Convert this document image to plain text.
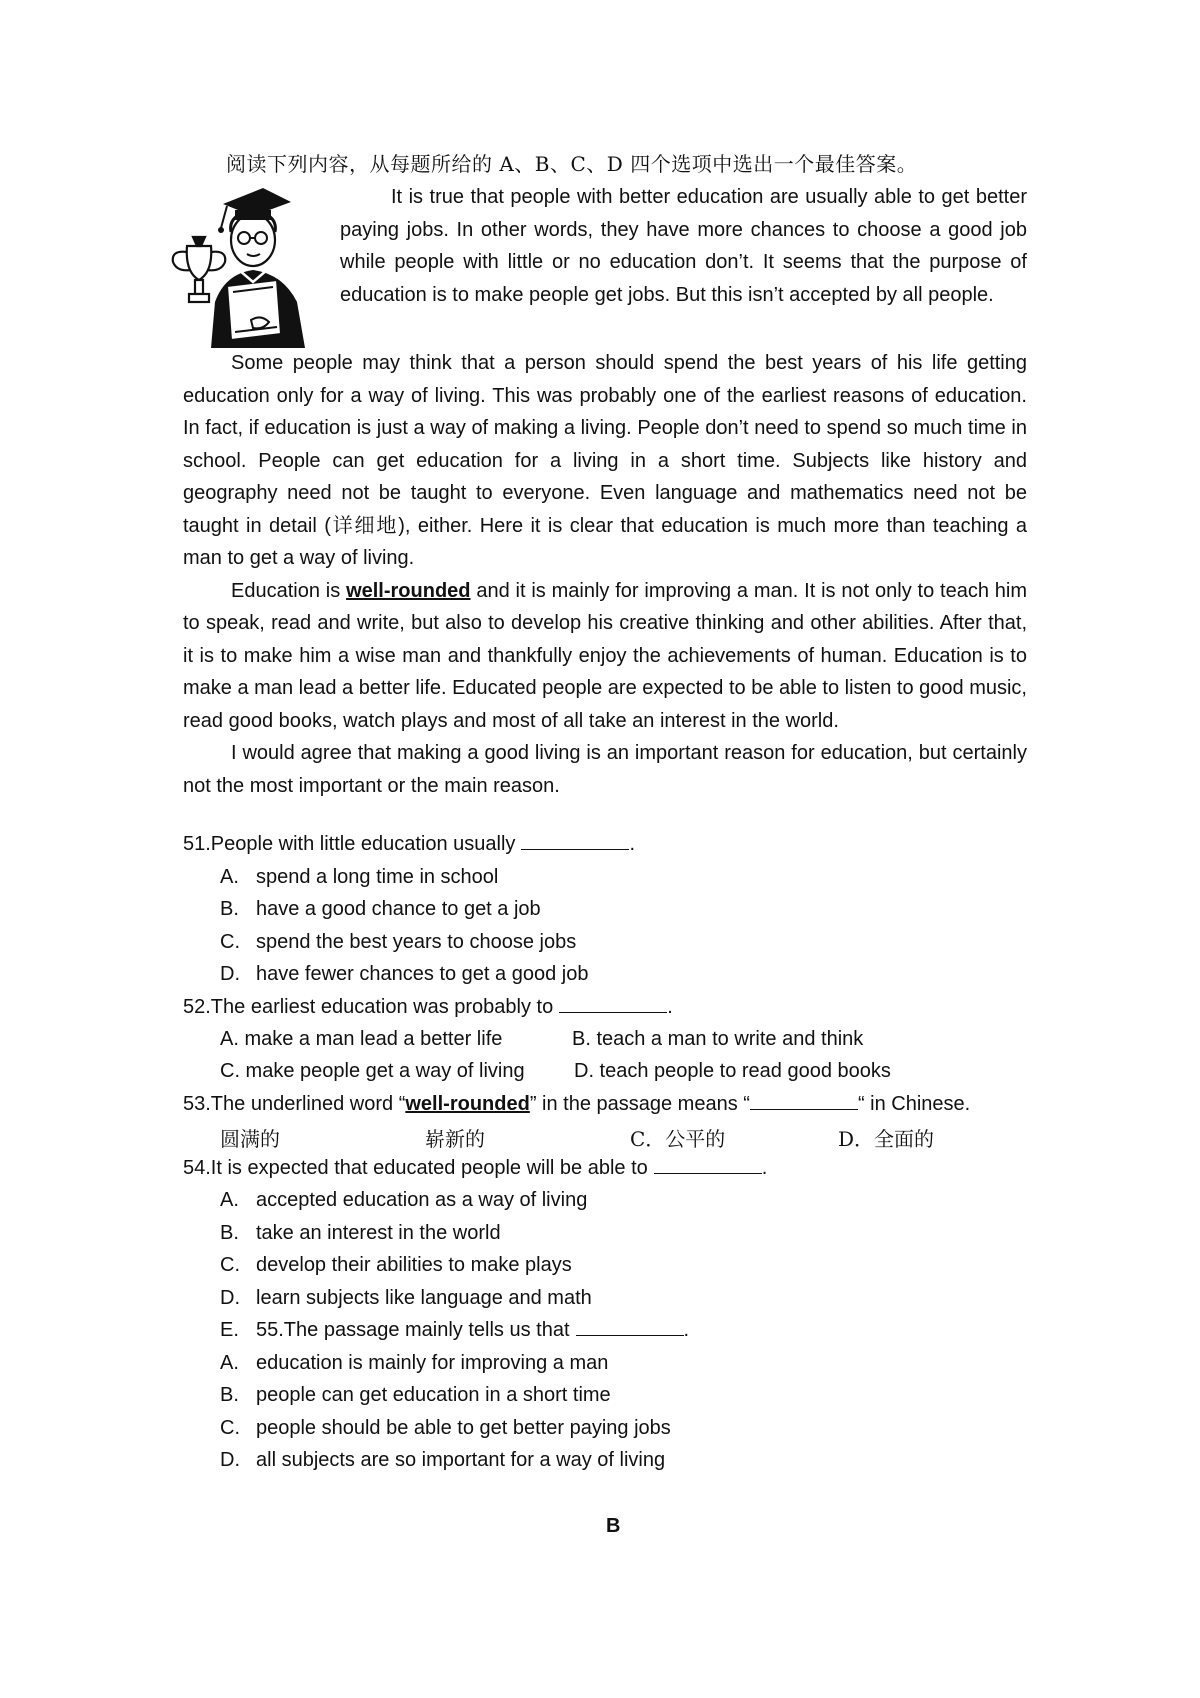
阅读下列内容，从每题所给的 A、B、C、D 四个选项中选出一个最佳答案。
It is true that people with better education are usually able to get better paying jobs. In other words, they have more chances to choose a good job while people with little or no education don’t. It seems that the purpose of education is to make people get jobs. But this isn’t accepted by all people.

Some people may think that a person should spend the best years of his life getting education only for a way of living. This was probably one of the earliest reasons of education. In fact, if education is just a way of making a living. People don’t need to spend so much time in school. People can get education for a living in a short time. Subjects like history and geography need not be taught to everyone. Even language and mathematics need not be taught in detail (详细地), either. Here it is clear that education is much more than teaching a man to get a way of living.

Education is well-rounded and it is mainly for improving a man. It is not only to teach him to speak, read and write, but also to develop his creative thinking and other abilities. After that, it is to make him a wise man and thankfully enjoy the achievements of human. Education is to make a man lead a better life. Educated people are expected to be able to listen to good music, read good books, watch plays and most of all take an interest in the world.

I would agree that making a good living is an important reason for education, but certainly not the most important or the main reason.

51.People with little education usually	.
A. spend a long time in school
B. have a good chance to get a job
C. spend the best years to choose jobs
D. have fewer chances to get a good job
52.The earliest education was probably to	.
A. make a man lead a better life	B. teach a man to write and think
C. make people get a way of living D. teach people to read good books
53.The underlined word “well-rounded” in the passage means “	“ in Chinese.
圆满的	崭新的	C．公平的	D．全面的
54.It is expected that educated people will be able to	.
A. accepted education as a way of living
B. take an interest in the world
C. develop their abilities to make plays
D. learn subjects like language and math
E. 55.The passage mainly tells us that	.
A. education is mainly for improving a man
B. people can get education in a short time
C. people should be able to get better paying jobs
D. all subjects are so important for a way of living
B
